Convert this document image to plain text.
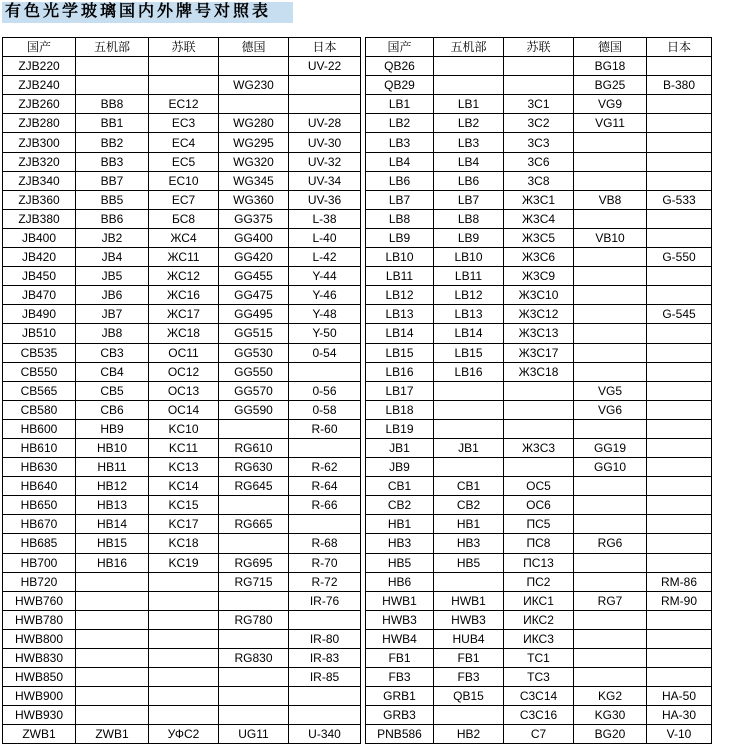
有色光学玻璃国内外牌号对照表
国产	五机部	苏联	德国	日本
ZJB220				UV-22
ZJB240			WG230	
ZJB260	BB8	EC12		
ZJB280	BB1	EC3	WG280	UV-28
ZJB300	BB2	EC4	WG295	UV-30
ZJB320	BB3	EC5	WG320	UV-32
ZJB340	BB7	EC10	WG345	UV-34
ZJB360	BB5	EC7	WG360	UV-36
ZJB380	BB6	БС8	GG375	L-38
JB400	JB2	ЖС4	GG400	L-40
JB420	JB4	ЖС11	GG420	L-42
JB450	JB5	ЖС12	GG455	Y-44
JB470	JB6	ЖС16	GG475	Y-46
JB490	JB7	ЖС17	GG495	Y-48
JB510	JB8	ЖС18	GG515	Y-50
CB535	CB3	OC11	GG530	0-54
CB550	CB4	OC12	GG550	
CB565	CB5	OC13	GG570	0-56
CB580	CB6	OC14	GG590	0-58
HB600	HB9	KC10		R-60
HB610	HB10	KC11	RG610	
HB630	HB11	KC13	RG630	R-62
HB640	HB12	KC14	RG645	R-64
HB650	HB13	KC15		R-66
HB670	HB14	KC17	RG665	
HB685	HB15	KC18		R-68
HB700	HB16	KC19	RG695	R-70
HB720			RG715	R-72
HWB760				IR-76
HWB780			RG780	
HWB800				IR-80
HWB830			RG830	IR-83
HWB850				IR-85
HWB900				
HWB930				
ZWB1	ZWB1	УФС2	UG11	U-340
国产	五机部	苏联	德国	日本
QB26			BG18	
QB29			BG25	B-380
LB1	LB1	3C1	VG9	
LB2	LB2	3C2	VG11	
LB3	LB3	3C3		
LB4	LB4	3C6		
LB6	LB6	3C8		
LB7	LB7	Ж3C1	VB8	G-533
LB8	LB8	Ж3C4		
LB9	LB9	Ж3C5	VB10	
LB10	LB10	Ж3C6		G-550
LB11	LB11	Ж3C9		
LB12	LB12	Ж3C10		
LB13	LB13	Ж3C12		G-545
LB14	LB14	Ж3C13		
LB15	LB15	Ж3C17		
LB16	LB16	Ж3C18		
LB17			VG5	
LB18			VG6	
LB19				
JB1	JB1	Ж3C3	GG19	
JB9			GG10	
CB1	CB1	OC5		
CB2	CB2	OC6		
HB1	HB1	ПС5		
HB3	HB3	ПС8	RG6	
HB5	HB5	ПС13		
HB6		ПС2		RM-86
HWB1	HWB1	ИКС1	RG7	RM-90
HWB3	HWB3	ИКС2		
HWB4	HUB4	ИКС3		
FB1	FB1	TC1		
FB3	FB3	TC3		
GRB1	QB15	C3C14	KG2	HA-50
GRB3		C3C16	KG30	HA-30
PNB586	HB2	C7	BG20	V-10
